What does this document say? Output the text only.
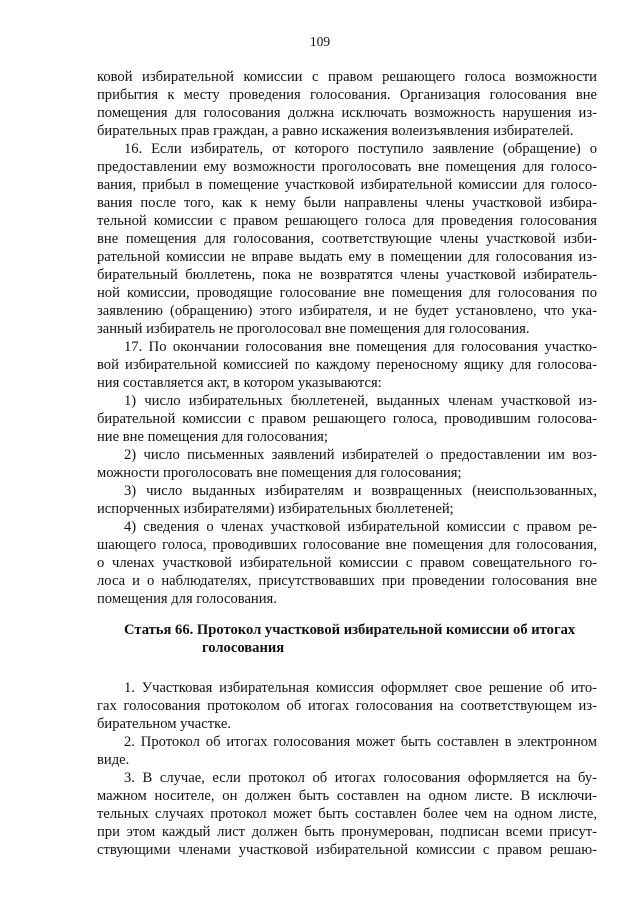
109
ковой избирательной комиссии с правом решающего голоса возможности
прибытия к месту проведения голосования. Организация голосования вне
помещения для голосования должна исключать возможность нарушения из-
бирательных прав граждан, а равно искажения волеизъявления избирателей.
16. Если избиратель, от которого поступило заявление (обращение) о
предоставлении ему возможности проголосовать вне помещения для голосо-
вания, прибыл в помещение участковой избирательной комиссии для голосо-
вания после того, как к нему были направлены члены участковой избира-
тельной комиссии с правом решающего голоса для проведения голосования
вне помещения для голосования, соответствующие члены участковой изби-
рательной комиссии не вправе выдать ему в помещении для голосования из-
бирательный бюллетень, пока не возвратятся члены участковой избиратель-
ной комиссии, проводящие голосование вне помещения для голосования по
заявлению (обращению) этого избирателя, и не будет установлено, что ука-
занный избиратель не проголосовал вне помещения для голосования.
17. По окончании голосования вне помещения для голосования участко-
вой избирательной комиссией по каждому переносному ящику для голосова-
ния составляется акт, в котором указываются:
1) число избирательных бюллетеней, выданных членам участковой из-
бирательной комиссии с правом решающего голоса, проводившим голосова-
ние вне помещения для голосования;
2) число письменных заявлений избирателей о предоставлении им воз-
можности проголосовать вне помещения для голосования;
3) число выданных избирателям и возвращенных (неиспользованных,
испорченных избирателями) избирательных бюллетеней;
4) сведения о членах участковой избирательной комиссии с правом ре-
шающего голоса, проводивших голосование вне помещения для голосования,
о членах участковой избирательной комиссии с правом совещательного го-
лоса и о наблюдателях, присутствовавших при проведении голосования вне
помещения для голосования.
Статья 66. Протокол участковой избирательной комиссии об итогах
голосования
1. Участковая избирательная комиссия оформляет свое решение об ито-
гах голосования протоколом об итогах голосования на соответствующем из-
бирательном участке.
2. Протокол об итогах голосования может быть составлен в электронном
виде.
3. В случае, если протокол об итогах голосования оформляется на бу-
мажном носителе, он должен быть составлен на одном листе. В исключи-
тельных случаях протокол может быть составлен более чем на одном листе,
при этом каждый лист должен быть пронумерован, подписан всеми присут-
ствующими членами участковой избирательной комиссии с правом решаю-
